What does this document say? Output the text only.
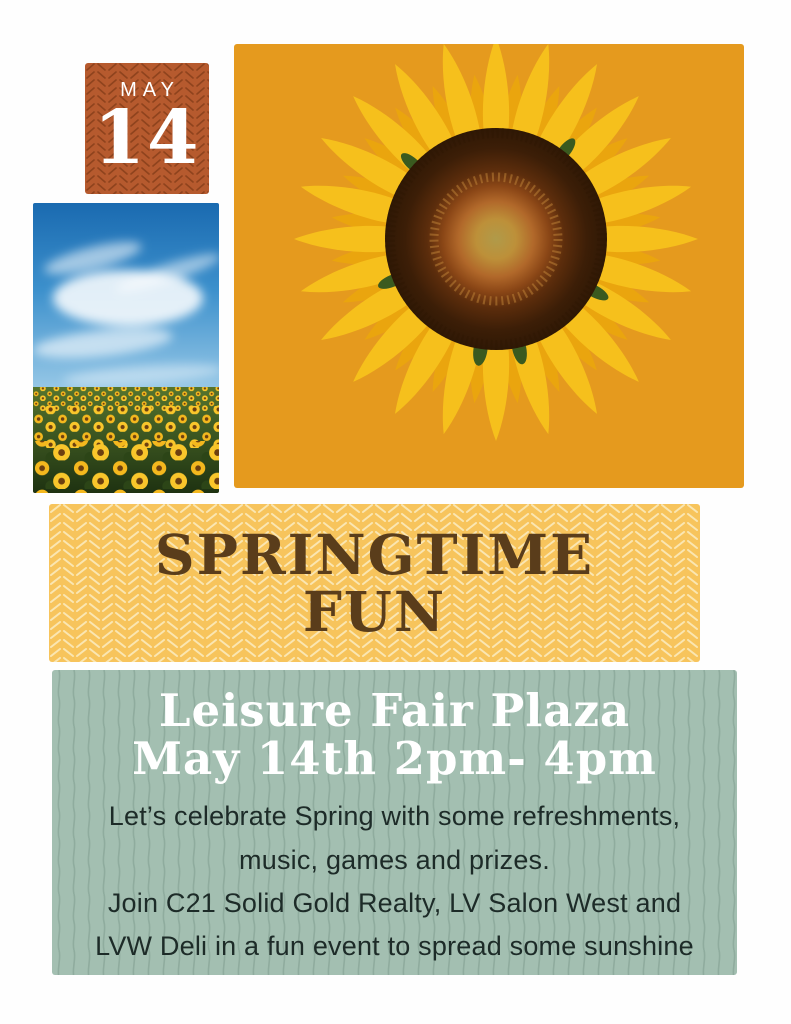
MAY
14
SPRINGTIME
FUN
Leisure Fair Plaza
May 14th 2pm- 4pm
Let’s celebrate Spring with some refreshments,
music, games and prizes.
Join C21 Solid Gold Realty, LV Salon West and
LVW Deli in a fun event to spread some sunshine
